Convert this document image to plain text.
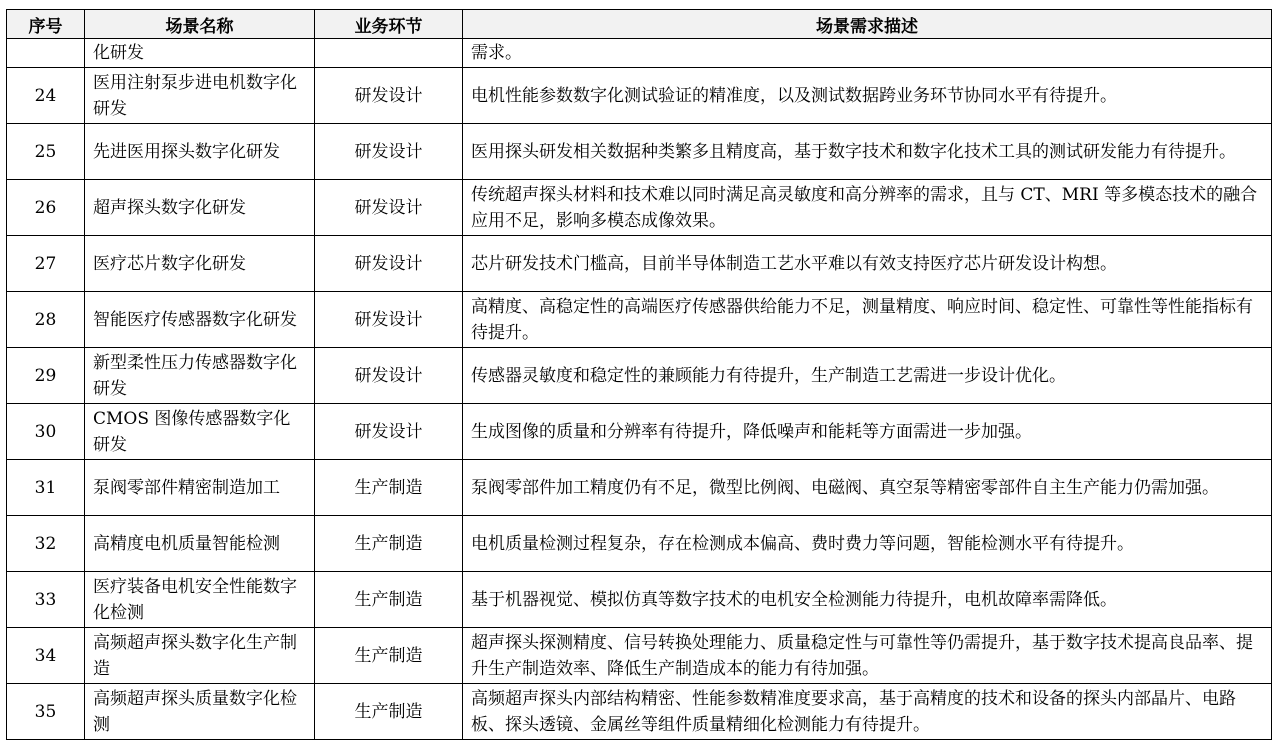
序号	场景名称	业务环节	场景需求描述
	化研发		需求。
24	医用注射泵步进电机数字化研发	研发设计	电机性能参数数字化测试验证的精准度，以及测试数据跨业务环节协同水平有待提升。
25	先进医用探头数字化研发	研发设计	医用探头研发相关数据种类繁多且精度高，基于数字技术和数字化技术工具的测试研发能力有待提升。
26	超声探头数字化研发	研发设计	传统超声探头材料和技术难以同时满足高灵敏度和高分辨率的需求，且与 CT、MRI 等多模态技术的融合应用不足，影响多模态成像效果。
27	医疗芯片数字化研发	研发设计	芯片研发技术门槛高，目前半导体制造工艺水平难以有效支持医疗芯片研发设计构想。
28	智能医疗传感器数字化研发	研发设计	高精度、高稳定性的高端医疗传感器供给能力不足，测量精度、响应时间、稳定性、可靠性等性能指标有待提升。
29	新型柔性压力传感器数字化研发	研发设计	传感器灵敏度和稳定性的兼顾能力有待提升，生产制造工艺需进一步设计优化。
30	CMOS 图像传感器数字化研发	研发设计	生成图像的质量和分辨率有待提升，降低噪声和能耗等方面需进一步加强。
31	泵阀零部件精密制造加工	生产制造	泵阀零部件加工精度仍有不足，微型比例阀、电磁阀、真空泵等精密零部件自主生产能力仍需加强。
32	高精度电机质量智能检测	生产制造	电机质量检测过程复杂，存在检测成本偏高、费时费力等问题，智能检测水平有待提升。
33	医疗装备电机安全性能数字化检测	生产制造	基于机器视觉、模拟仿真等数字技术的电机安全检测能力待提升，电机故障率需降低。
34	高频超声探头数字化生产制造	生产制造	超声探头探测精度、信号转换处理能力、质量稳定性与可靠性等仍需提升，基于数字技术提高良品率、提升生产制造效率、降低生产制造成本的能力有待加强。
35	高频超声探头质量数字化检测	生产制造	高频超声探头内部结构精密、性能参数精准度要求高，基于高精度的技术和设备的探头内部晶片、电路板、探头透镜、金属丝等组件质量精细化检测能力有待提升。
